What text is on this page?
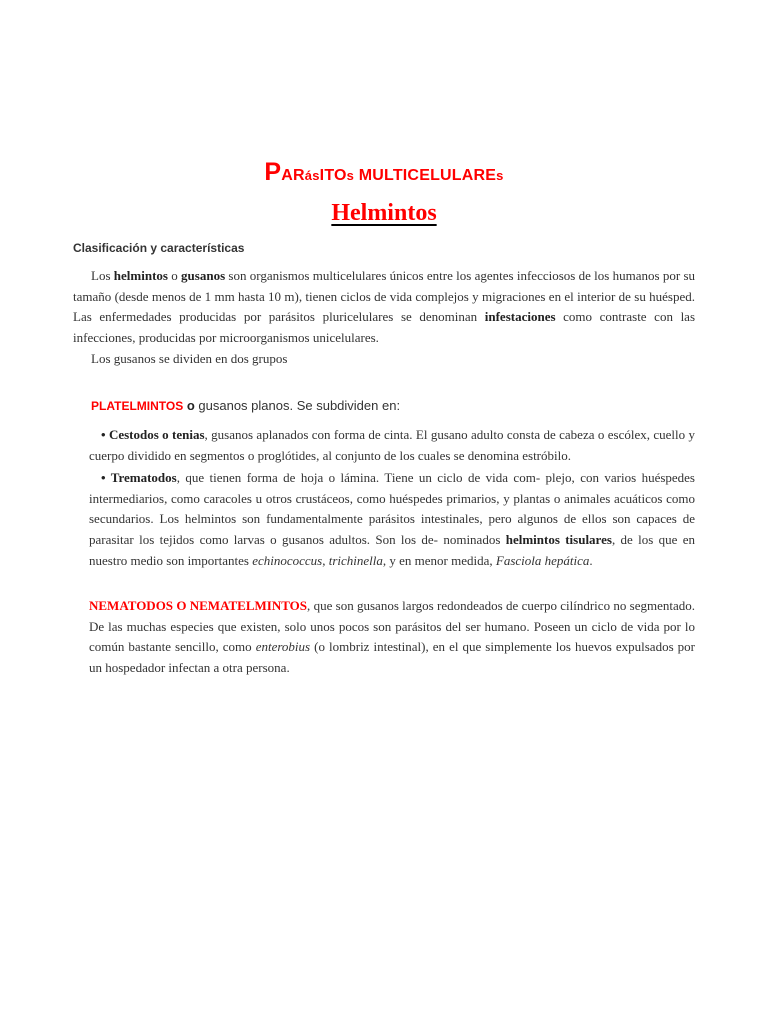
PARásITOs MULTICELULAREs
Helmintos
Clasificación y características
Los helmintos o gusanos son organismos multicelulares únicos entre los agentes infecciosos de los humanos por su tamaño (desde menos de 1 mm hasta 10 m), tienen ciclos de vida complejos y migraciones en el interior de su huésped. Las enfermedades producidas por parásitos pluricelulares se denominan infestaciones como contraste con las infecciones, producidas por microorganismos unicelulares.
Los gusanos se dividen en dos grupos
PLATELMINTOS o gusanos planos. Se subdividen en:
• Cestodos o tenias, gusanos aplanados con forma de cinta. El gusano adulto consta de cabeza o escólex, cuello y cuerpo dividido en segmentos o proglótides, al conjunto de los cuales se denomina estróbilo.
• Trematodos, que tienen forma de hoja o lámina. Tiene un ciclo de vida com- plejo, con varios huéspedes intermediarios, como caracoles u otros crustáceos, como huéspedes primarios, y plantas o animales acuáticos como secundarios. Los helmintos son fundamentalmente parásitos intestinales, pero algunos de ellos son capaces de parasitar los tejidos como larvas o gusanos adultos. Son los de- nominados helmintos tisulares, de los que en nuestro medio son importantes echinococcus, trichinella, y en menor medida, Fasciola hepática.
NEMATODOS O NEMATELMINTOS, que son gusanos largos redondeados de cuerpo cilíndrico no segmentado. De las muchas especies que existen, solo unos pocos son parásitos del ser humano. Poseen un ciclo de vida por lo común bastante sencillo, como enterobius (o lombriz intestinal), en el que simplemente los huevos expulsados por un hospedador infectan a otra persona.
